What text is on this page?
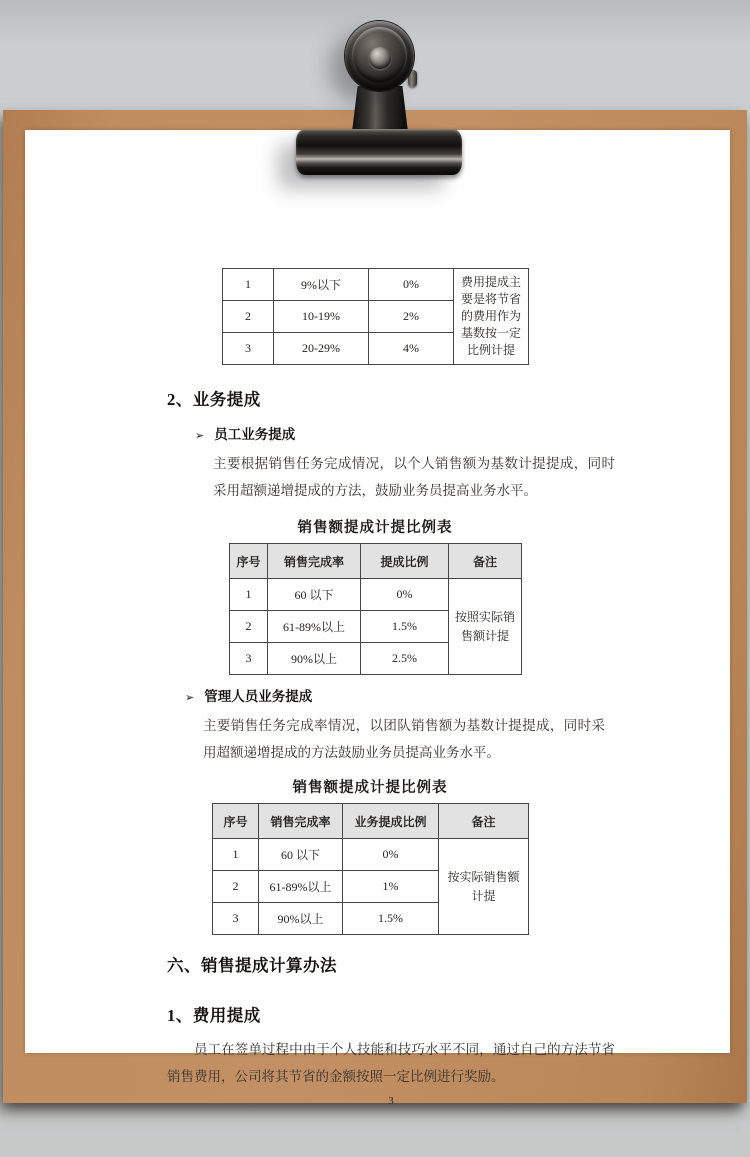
1	9%以下	0%	费用提成主要是将节省的费用作为基数按一定比例计提
2	10-19%	2%	
3	20-29%	4%	
2、业务提成
➢ 员工业务提成
主要根据销售任务完成情况，以个人销售额为基数计提提成，同时采用超额递增提成的方法，鼓励业务员提高业务水平。
销售额提成计提比例表
序号	销售完成率	提成比例	备注
1	60 以下	0%	按照实际销售额计提
2	61-89%以上	1.5%	
3	90%以上	2.5%	
➢ 管理人员业务提成
主要销售任务完成率情况，以团队销售额为基数计提提成，同时采用超额递增提成的方法鼓励业务员提高业务水平。
销售额提成计提比例表
序号	销售完成率	业务提成比例	备注
1	60 以下	0%	按实际销售额计提
2	61-89%以上	1%	
3	90%以上	1.5%	
六、销售提成计算办法
1、费用提成
员工在签单过程中由于个人技能和技巧水平不同，通过自己的方法节省销售费用，公司将其节省的金额按照一定比例进行奖励。
3
